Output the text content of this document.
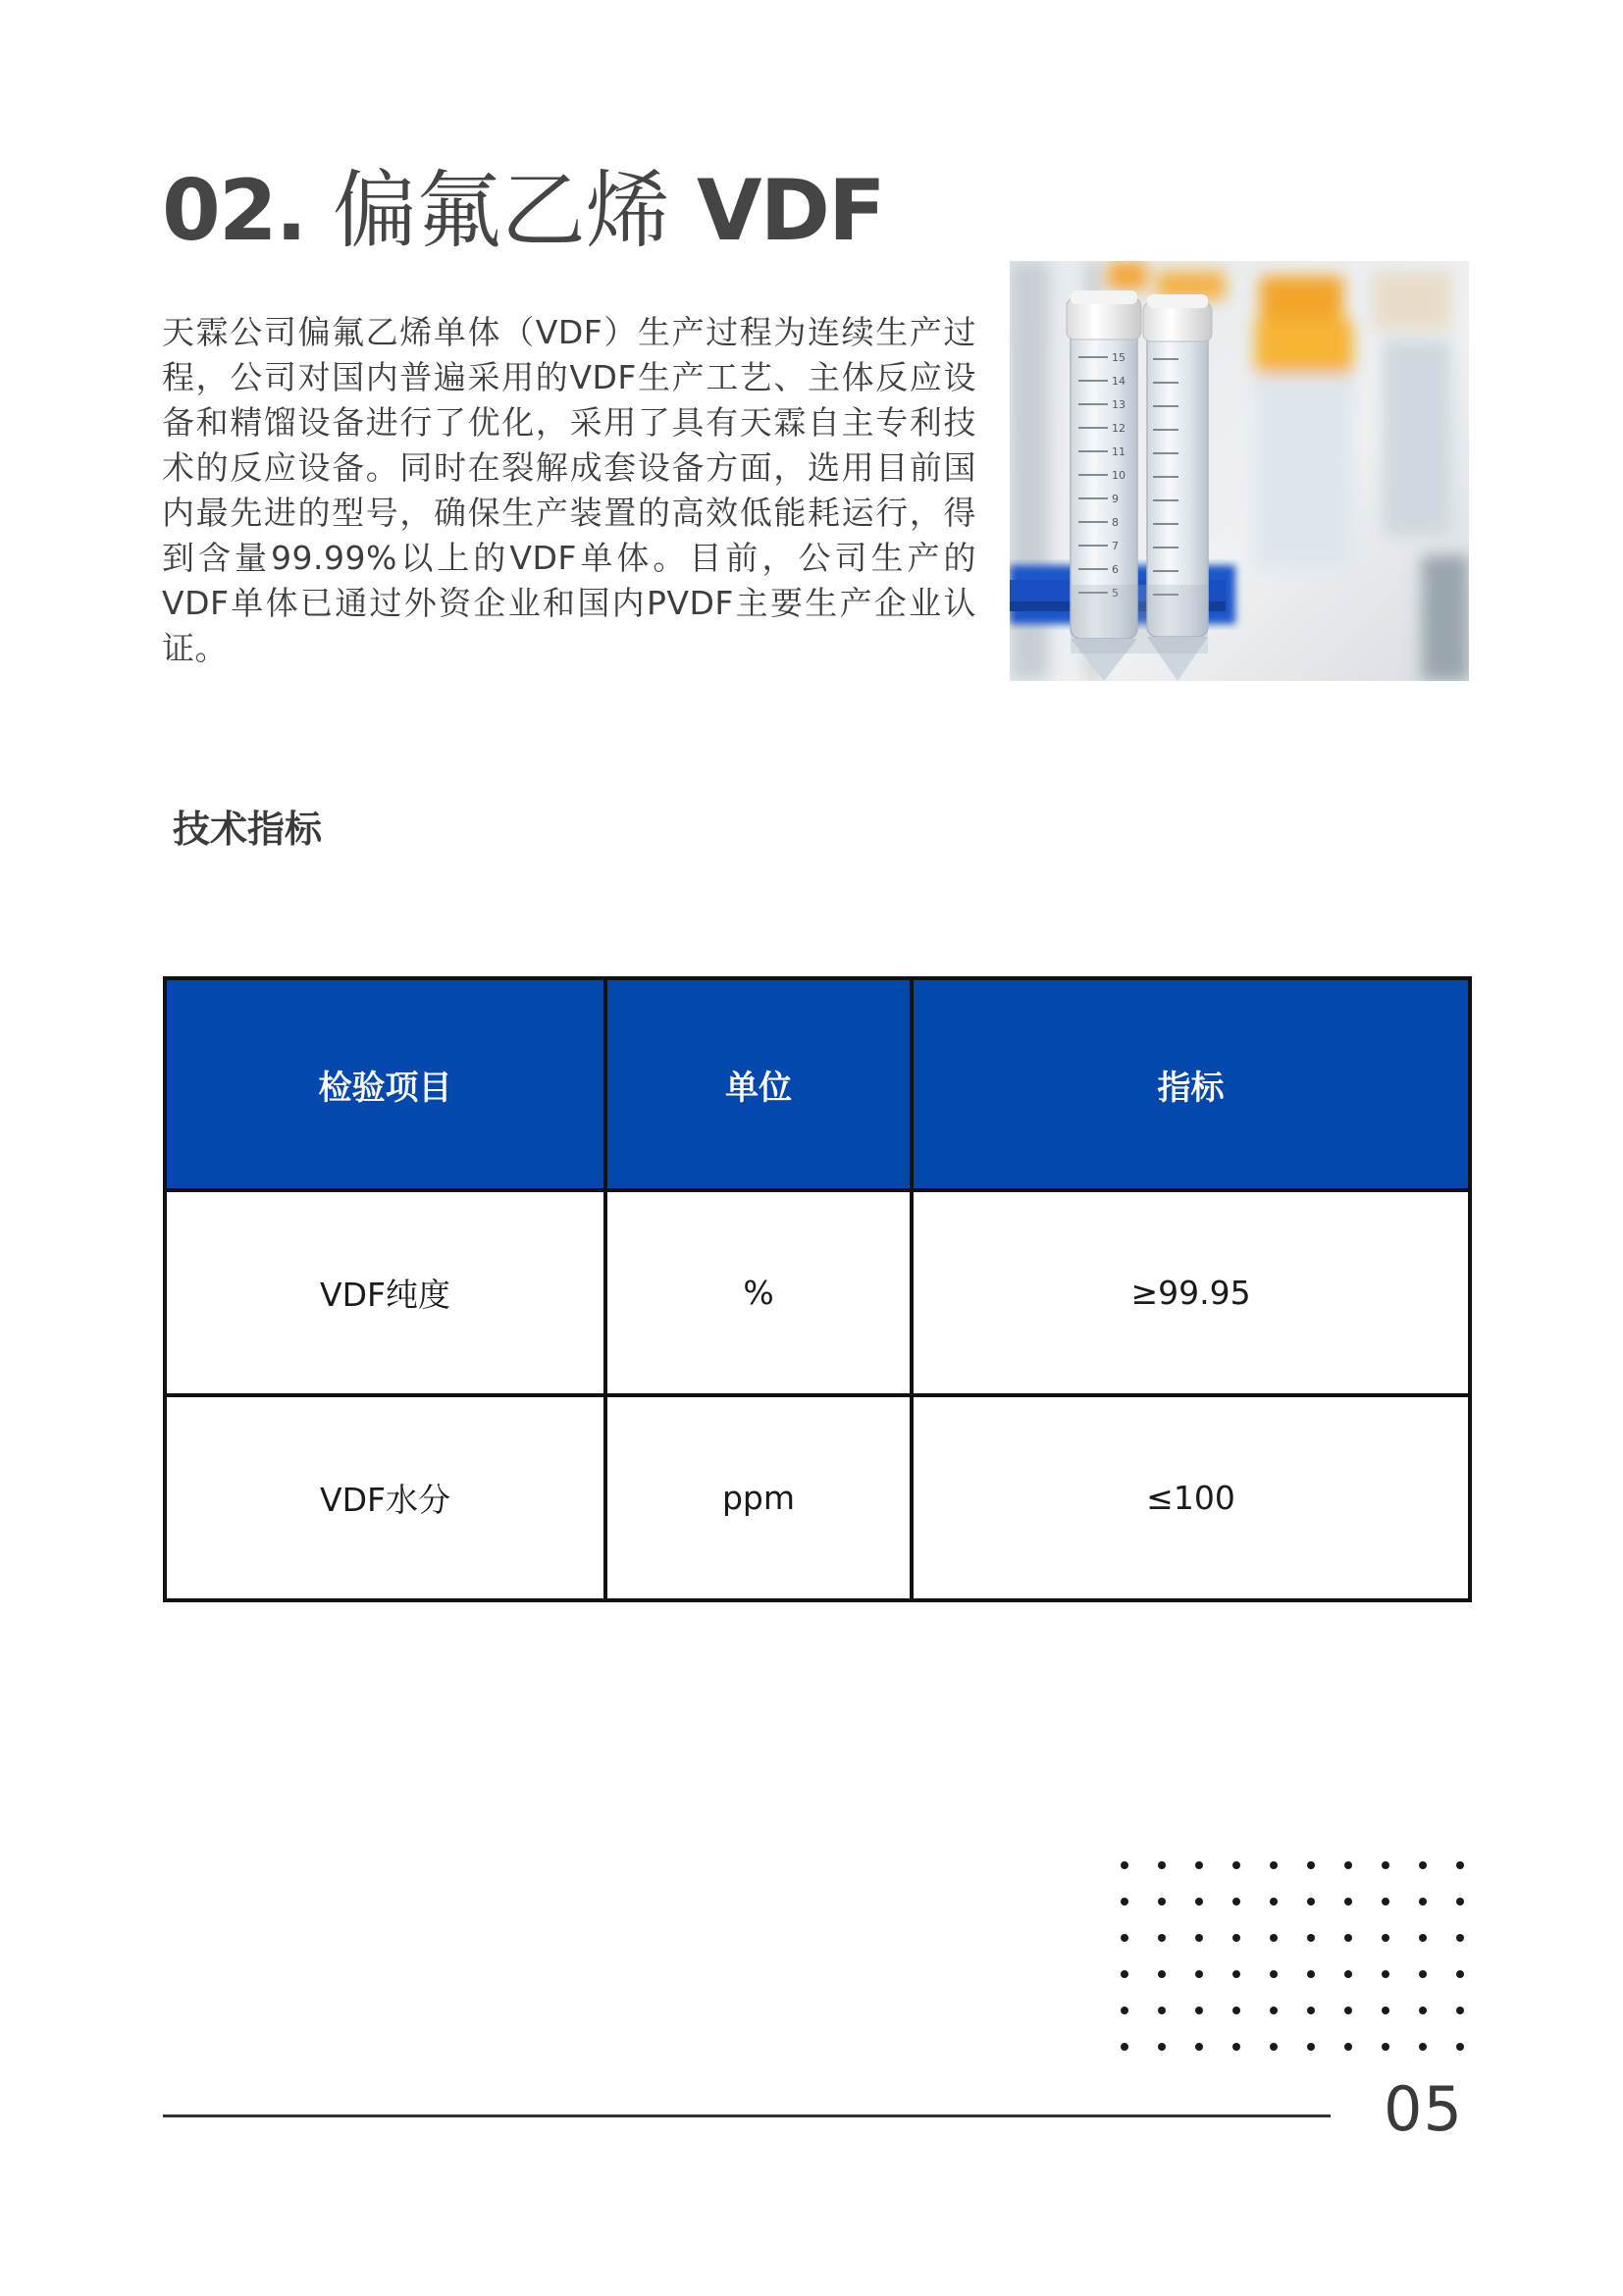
02. 偏氟乙烯 VDF

天霖公司偏氟乙烯单体（VDF）生产过程为连续生产过程，公司对国内普遍采用的VDF生产工艺、主体反应设备和精馏设备进行了优化，采用了具有天霖自主专利技术的反应设备。同时在裂解成套设备方面，选用目前国内最先进的型号，确保生产装置的高效低能耗运行，得到含量99.99%以上的VDF单体。目前，公司生产的VDF单体已通过外资企业和国内PVDF主要生产企业认证。

15
14
13
12
11
10
9
8
7
6
5
技术指标
检验项目	单位	指标
VDF纯度	%	≥99.95
VDF水分	ppm	≤100

05
